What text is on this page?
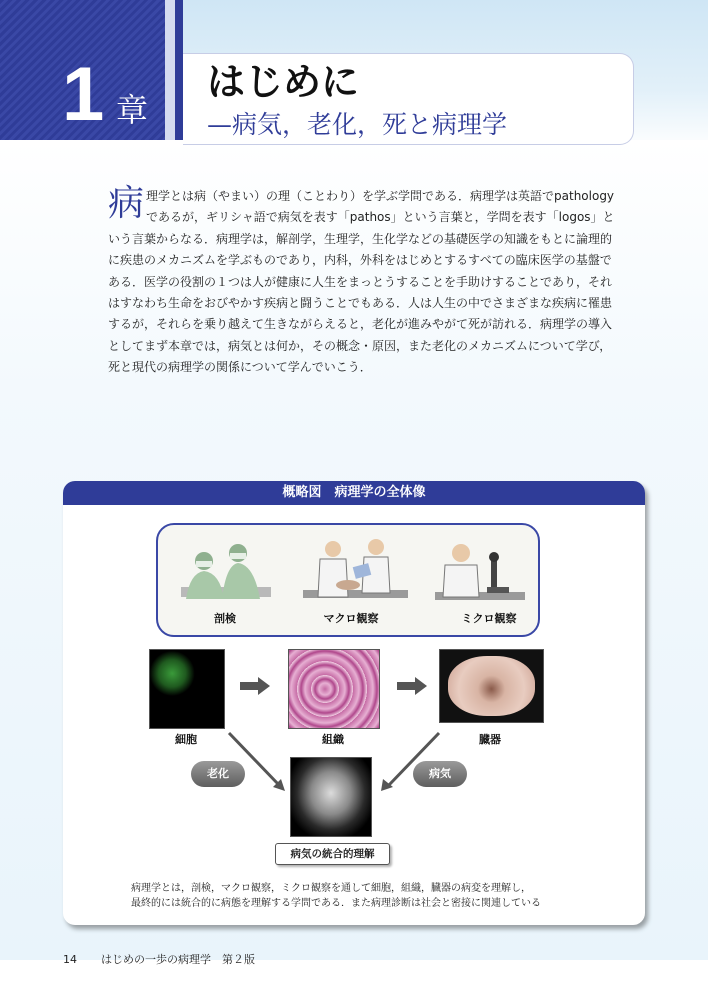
1 章
はじめに
—病気，老化，死と病理学
病理学とは病（やまい）の理（ことわり）を学ぶ学問である．病理学は英語でpathologyであるが，ギリシャ語で病気を表す「pathos」という言葉と，学問を表す「logos」という言葉からなる．病理学は，解剖学，生理学，生化学などの基礎医学の知識をもとに論理的に疾患のメカニズムを学ぶものであり，内科，外科をはじめとするすべての臨床医学の基盤である．医学の役割の１つは人が健康に人生をまっとうすることを手助けすることであり，それはすなわち生命をおびやかす疾病と闘うことでもある．人は人生の中でさまざまな疾病に罹患するが，それらを乗り越えて生きながらえると，老化が進みやがて死が訪れる．病理学の導入としてまず本章では，病気とは何か，その概念・原因，また老化のメカニズムについて学び，死と現代の病理学の関係について学んでいこう．
概略図　病理学の全体像
剖検	マクロ観察	ミクロ観察
細胞	組織	臓器
老化	病気
病気の統合的理解
病理学とは，剖検，マクロ観察，ミクロ観察を通して細胞，組織，臓器の病変を理解し，
最終的には統合的に病態を理解する学問である．また病理診断は社会と密接に関連している
14 はじめの一歩の病理学　第２版
